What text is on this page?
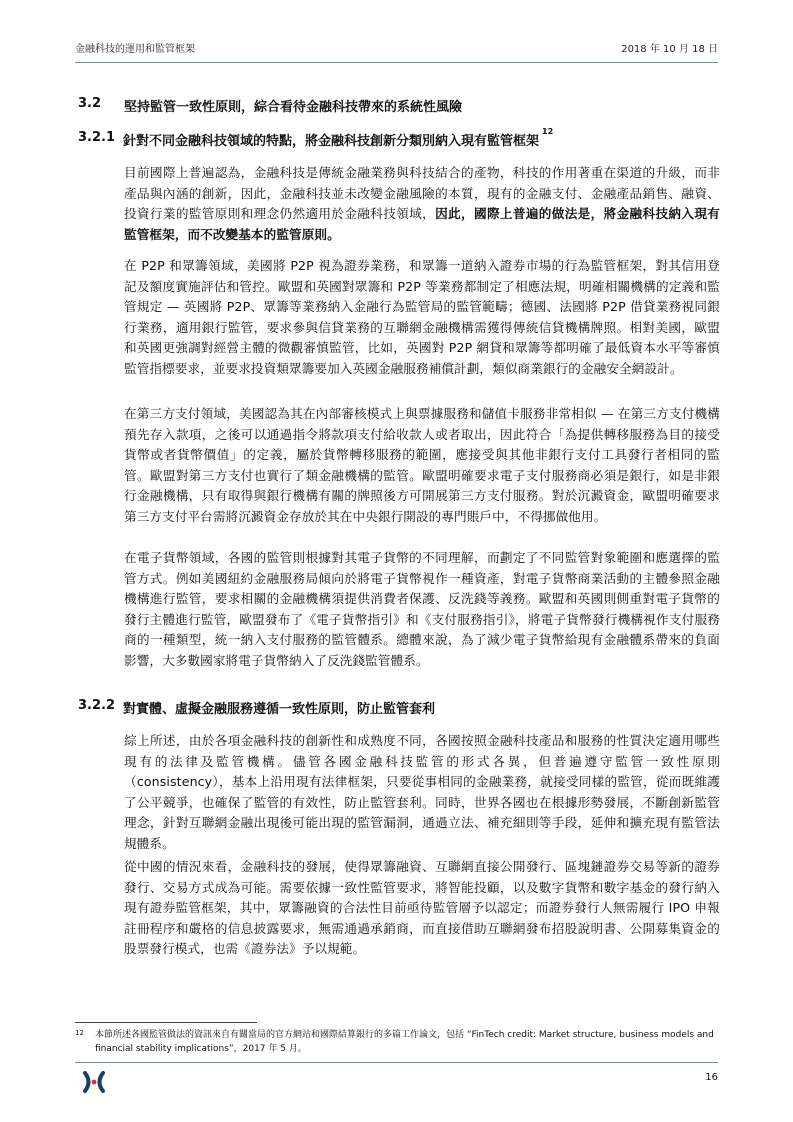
金融科技的運用和監管框架	2018 年 10 月 18 日
3.2	堅持監管一致性原則，綜合看待金融科技帶來的系統性風險
3.2.1 針對不同金融科技領域的特點，將金融科技創新分類別納入現有監管框架
$^{12}$
目前國際上普遍認為，金融科技是傳統金融業務與科技結合的產物，科技的作用著重在渠道的升級，而非產品與內涵的創新，因此，金融科技並未改變金融風險的本質，現有的金融支付、金融產品銷售、融資、投資行業的監管原則和理念仍然適用於金融科技領域，因此，國際上普遍的做法是，將金融科技納入現有監管框架，而不改變基本的監管原則。
在 P2P 和眾籌領域，美國將 P2P 視為證券業務，和眾籌一道納入證券市場的行為監管框架，對其信用登記及額度實施評估和管控。歐盟和英國對眾籌和 P2P 等業務都制定了相應法規，明確相關機構的定義和監管規定 — 英國將 P2P、眾籌等業務納入金融行為監管局的監管範疇；德國、法國將 P2P 借貸業務視同銀行業務，適用銀行監管，要求參與信貸業務的互聯網金融機構需獲得傳統信貸機構牌照。相對美國，歐盟和英國更強調對經營主體的微觀審慎監管，比如，英國對 P2P 網貸和眾籌等都明確了最低資本水平等審慎監管指標要求，並要求投資類眾籌要加入英國金融服務補償計劃，類似商業銀行的金融安全網設計。
在第三方支付領域，美國認為其在內部審核模式上與票據服務和儲值卡服務非常相似 — 在第三方支付機構預先存入款項，之後可以通過指令將款項支付給收款人或者取出，因此符合「為提供轉移服務為目的接受貨幣或者貨幣價值」的定義，屬於貨幣轉移服務的範圍，應接受與其他非銀行支付工具發行者相同的監管。歐盟對第三方支付也實行了類金融機構的監管。歐盟明確要求電子支付服務商必須是銀行，如是非銀行金融機構，只有取得與銀行機構有關的牌照後方可開展第三方支付服務。對於沉澱資金，歐盟明確要求第三方支付平台需將沉澱資金存放於其在中央銀行開設的專門賬戶中，不得挪做他用。
在電子貨幣領域，各國的監管則根據對其電子貨幣的不同理解，而劃定了不同監管對象範圍和應選擇的監管方式。例如美國紐約金融服務局傾向於將電子貨幣視作一種資產，對電子貨幣商業活動的主體參照金融機構進行監管，要求相關的金融機構須提供消費者保護、反洗錢等義務。歐盟和英國則側重對電子貨幣的發行主體進行監管，歐盟發布了《電子貨幣指引》和《支付服務指引》，將電子貨幣發行機構視作支付服務商的一種類型，統一納入支付服務的監管體系。總體來說，為了減少電子貨幣給現有金融體系帶來的負面影響，大多數國家將電子貨幣納入了反洗錢監管體系。
3.2.2 對實體、虛擬金融服務遵循一致性原則，防止監管套利
綜上所述，由於各項金融科技的創新性和成熟度不同，各國按照金融科技產品和服務的性質決定適用哪些現有的法律及監管機構。儘管各國金融科技監管的形式各異，但普遍遵守監管一致性原則（consistency），基本上沿用現有法律框架，只要從事相同的金融業務，就接受同樣的監管，從而既維護了公平競爭，也確保了監管的有效性，防止監管套利。同時，世界各國也在根據形勢發展，不斷創新監管理念，針對互聯網金融出現後可能出現的監管漏洞，通過立法、補充細則等手段，延伸和擴充現有監管法規體系。
從中國的情況來看，金融科技的發展，使得眾籌融資、互聯網直接公開發行、區塊鏈證券交易等新的證券發行、交易方式成為可能。需要依據一致性監管要求，將智能投顧，以及數字貨幣和數字基金的發行納入現有證券監管框架，其中，眾籌融資的合法性目前亟待監管層予以認定；而證券發行人無需履行 IPO 申報註冊程序和嚴格的信息披露要求，無需通過承銷商，而直接借助互聯網發布招股說明書、公開募集資金的股票發行模式，也需《證券法》予以規範。
12	本節所述各國監管做法的資訊來自有關當局的官方網站和國際結算銀行的多篇工作論文，包括 “FinTech credit: Market structure, business models and financial stability implications”，2017 年 5 月。
16
